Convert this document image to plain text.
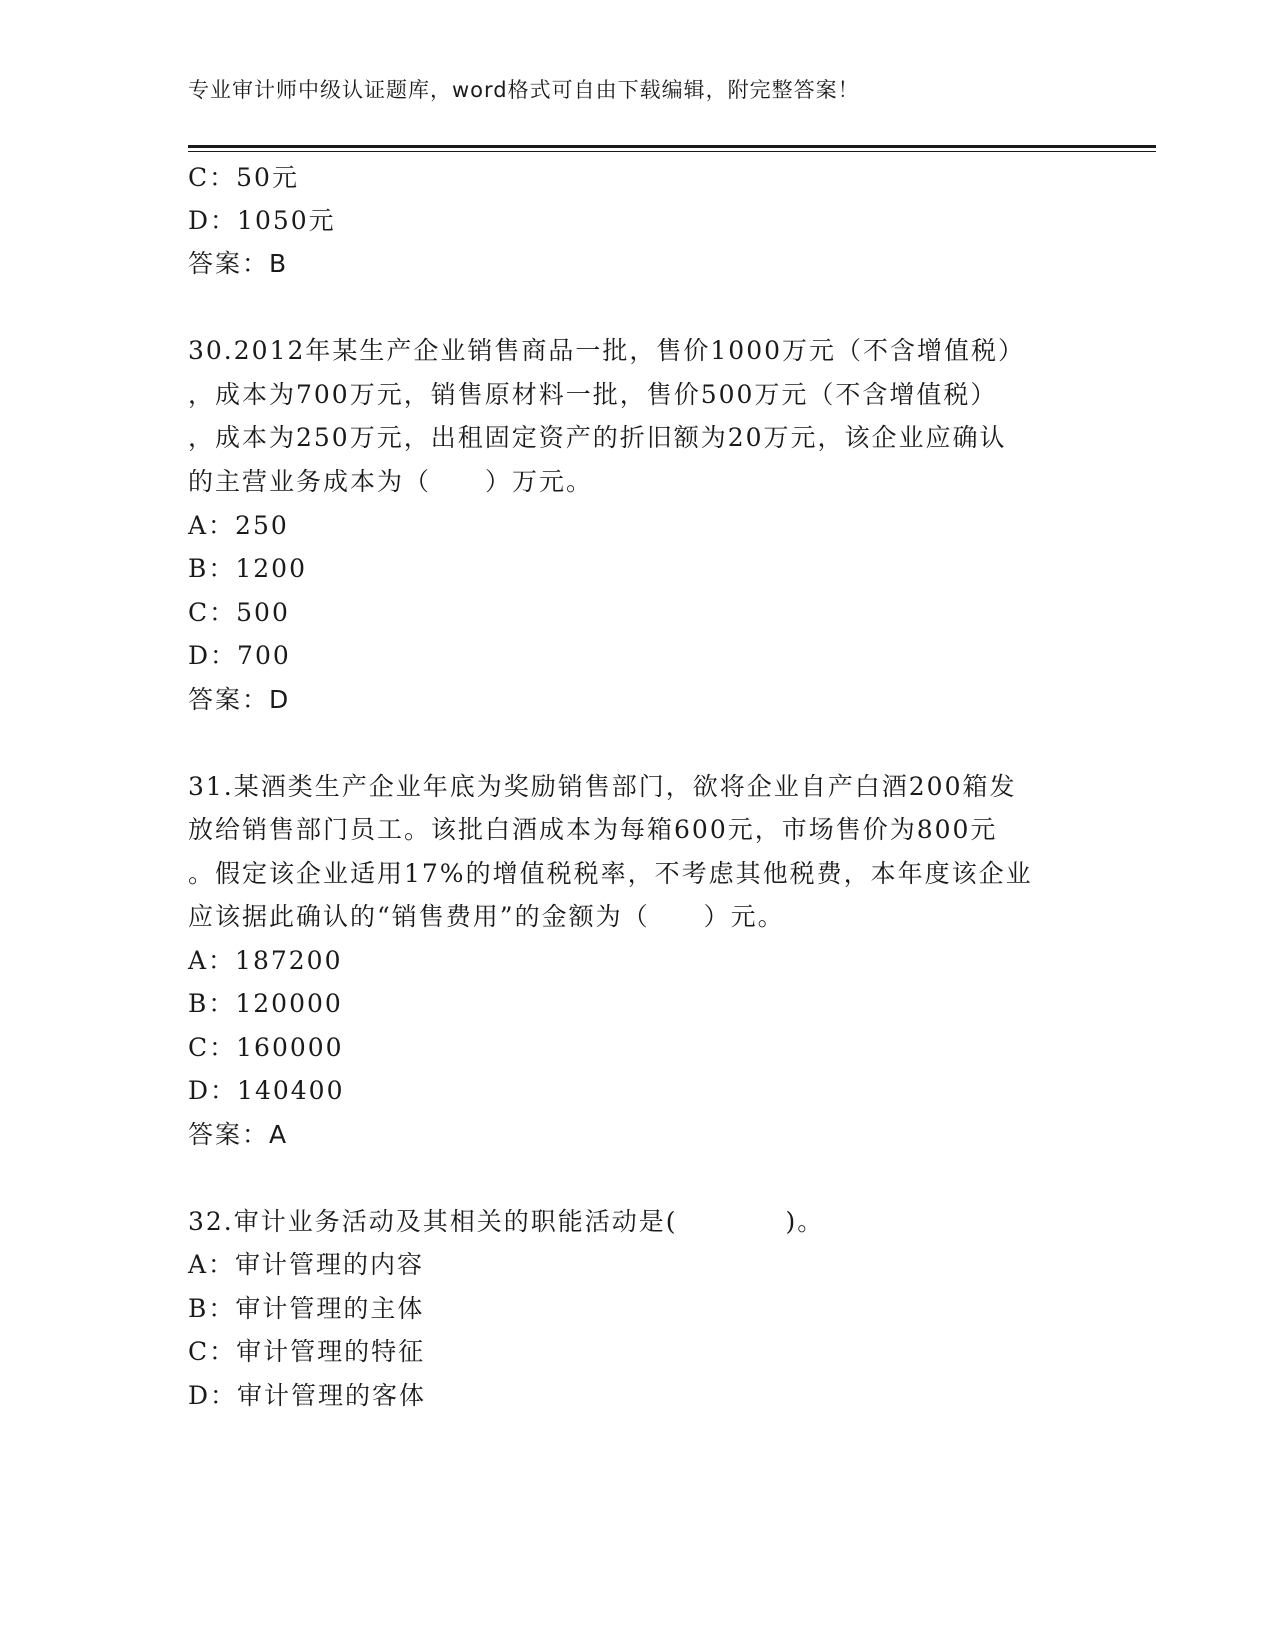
专业审计师中级认证题库，word格式可自由下载编辑，附完整答案！
C：50元
D：1050元
答案：B
30.2012年某生产企业销售商品一批，售价1000万元（不含增值税）
，成本为700万元，销售原材料一批，售价500万元（不含增值税）
，成本为250万元，出租固定资产的折旧额为20万元，该企业应确认
的主营业务成本为（　　）万元。
A：250
B：1200
C：500
D：700
答案：D
31.某酒类生产企业年底为奖励销售部门，欲将企业自产白酒200箱发
放给销售部门员工。该批白酒成本为每箱600元，市场售价为800元
。假定该企业适用17%的增值税税率，不考虑其他税费，本年度该企业
应该据此确认的“销售费用”的金额为（　　）元。
A：187200
B：120000
C：160000
D：140400
答案：A
32.审计业务活动及其相关的职能活动是(　　　　)。
A：审计管理的内容
B：审计管理的主体
C：审计管理的特征
D：审计管理的客体
